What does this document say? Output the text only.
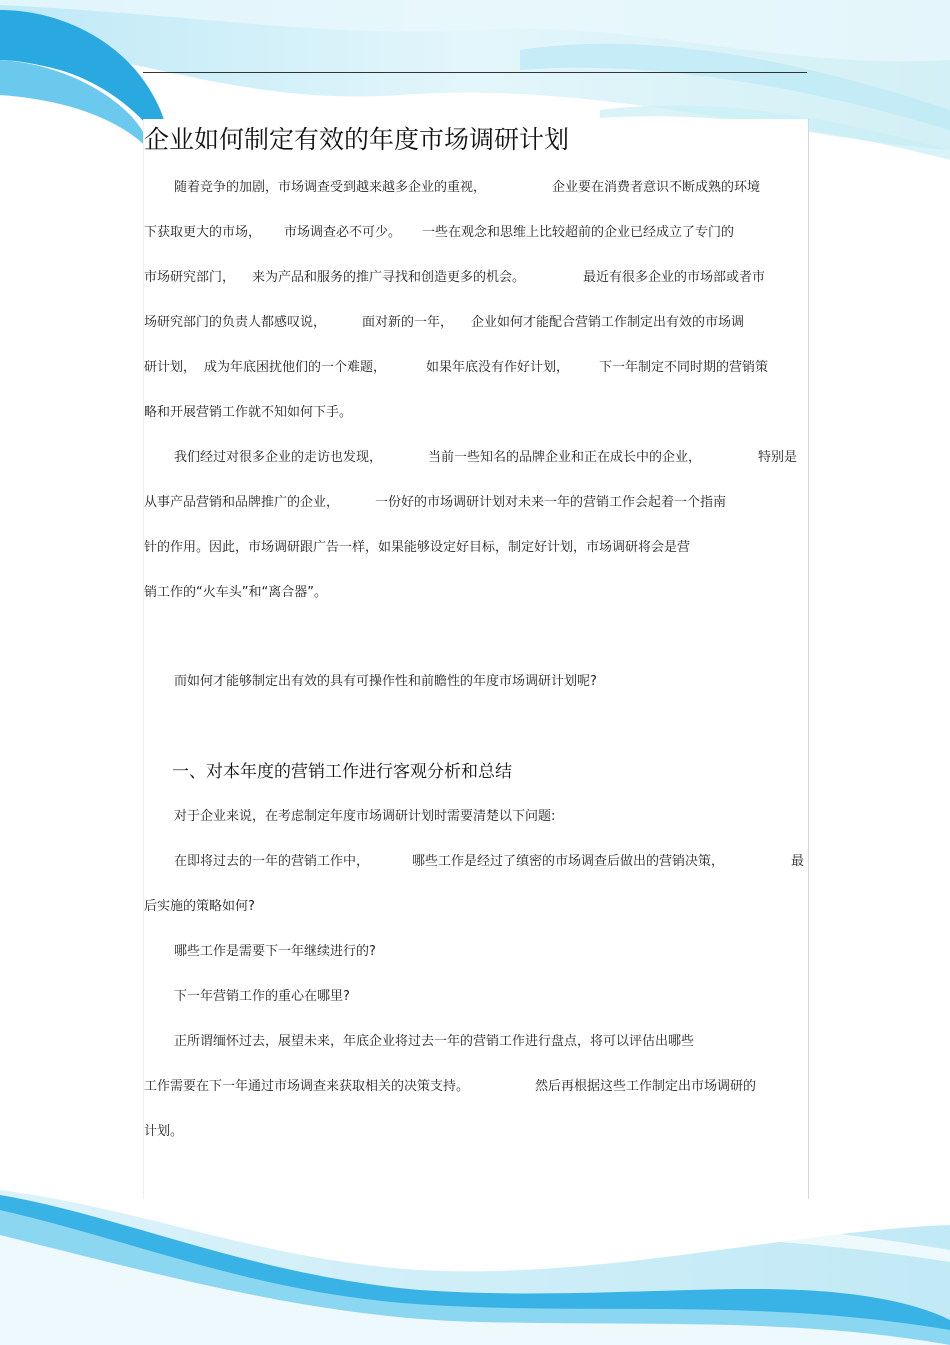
企业如何制定有效的年度市场调研计划
随着竞争的加剧，市场调查受到越来越多企业的重视，	企业要在消费者意识不断成熟的环境
下获取更大的市场， 市场调查必不可少。 一些在观念和思维上比较超前的企业已经成立了专门的
市场研究部门， 来为产品和服务的推广寻找和创造更多的机会。	最近有很多企业的市场部或者市
场研究部门的负责人都感叹说，	面对新的一年， 企业如何才能配合营销工作制定出有效的市场调
研计划， 成为年底困扰他们的一个难题，	如果年底没有作好计划， 下一年制定不同时期的营销策
略和开展营销工作就不知如何下手。
我们经过对很多企业的走访也发现，	当前一些知名的品牌企业和正在成长中的企业，	特别是
从事产品营销和品牌推广的企业，	一份好的市场调研计划对未来一年的营销工作会起着一个指南
针的作用。因此，市场调研跟广告一样，如果能够设定好目标，制定好计划，市场调研将会是营
销工作的“火车头”和“离合器”。
而如何才能够制定出有效的具有可操作性和前瞻性的年度市场调研计划呢?
一、对本年度的营销工作进行客观分析和总结
对于企业来说，在考虑制定年度市场调研计划时需要清楚以下问题:
在即将过去的一年的营销工作中，	哪些工作是经过了缜密的市场调查后做出的营销决策，	最
后实施的策略如何?
哪些工作是需要下一年继续进行的?
下一年营销工作的重心在哪里?
正所谓缅怀过去，展望未来，年底企业将过去一年的营销工作进行盘点，将可以评估出哪些
工作需要在下一年通过市场调查来获取相关的决策支持。	然后再根据这些工作制定出市场调研的
计划。
